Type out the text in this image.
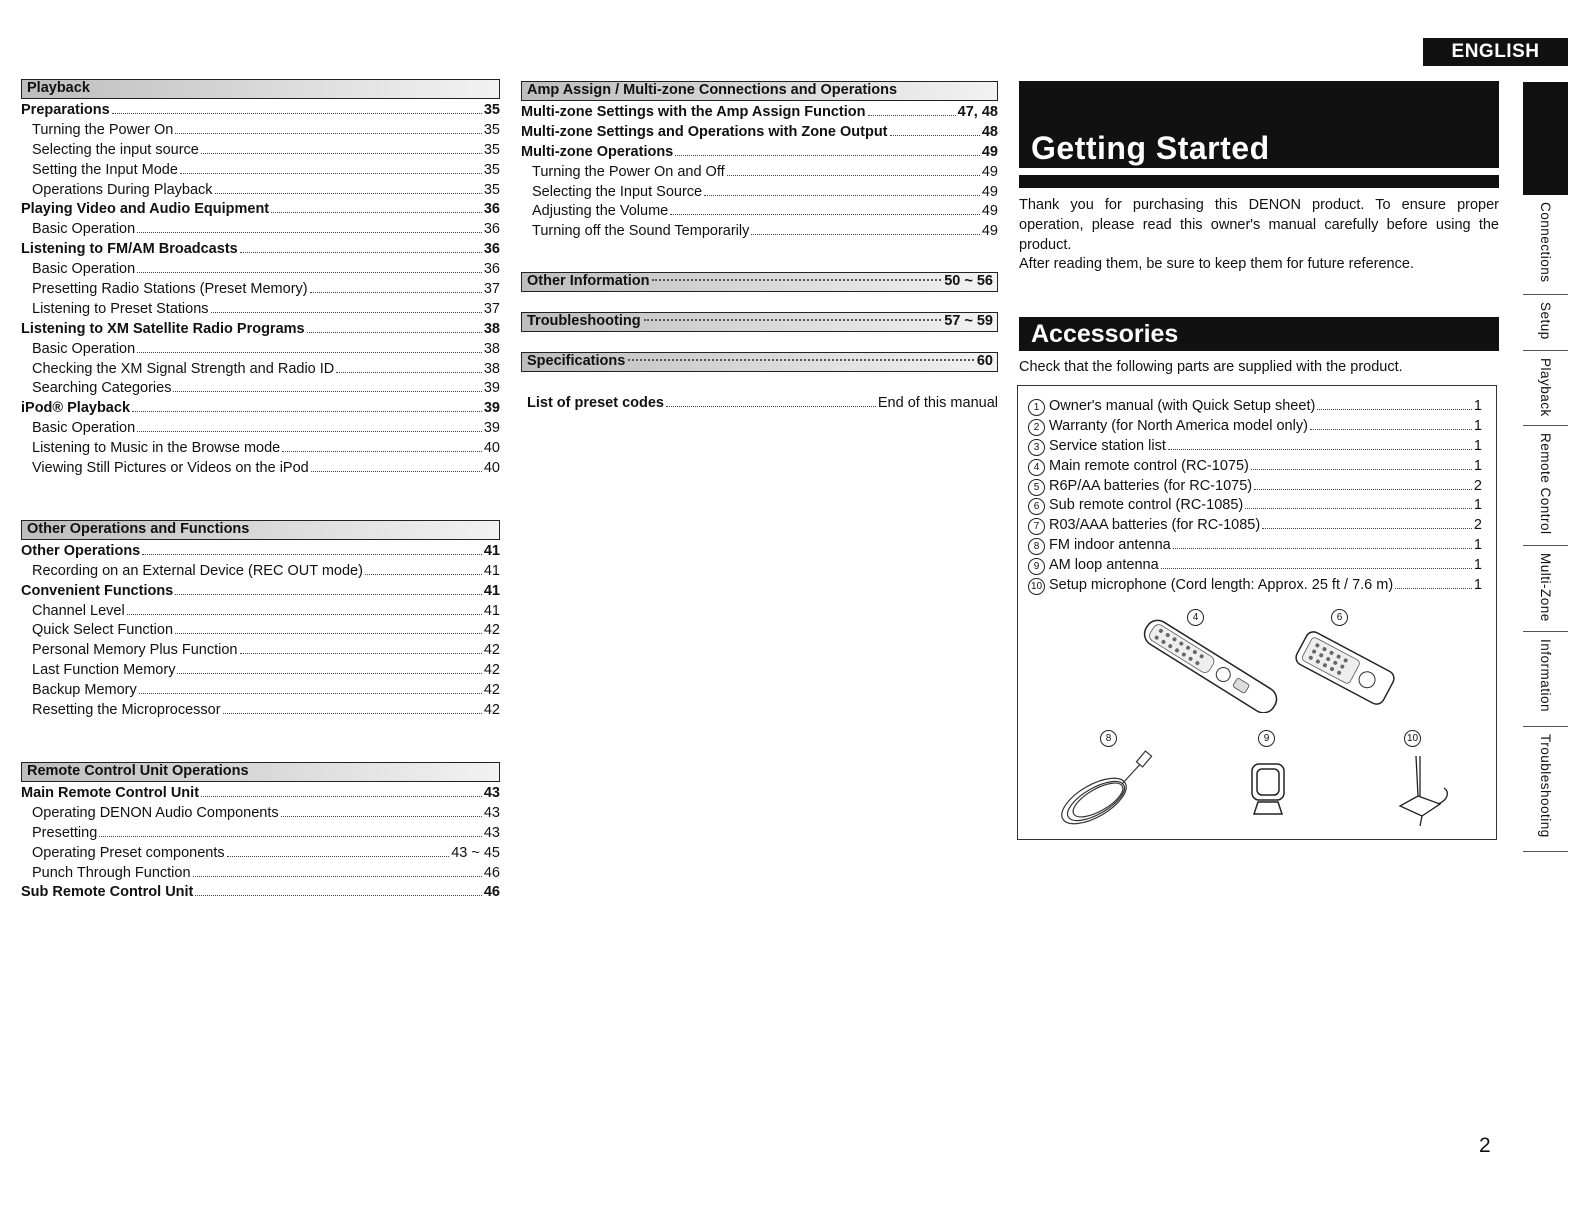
ENGLISH
Playback
Preparations	35
Turning the Power On	35
Selecting the input source	35
Setting the Input Mode	35
Operations During Playback	35
Playing Video and Audio Equipment	36
Basic Operation	36
Listening to FM/AM Broadcasts	36
Basic Operation	36
Presetting Radio Stations (Preset Memory)	37
Listening to Preset Stations	37
Listening to XM Satellite Radio Programs	38
Basic Operation	38
Checking the XM Signal Strength and Radio ID	38
Searching Categories	39
iPod® Playback	39
Basic Operation	39
Listening to Music in the Browse mode	40
Viewing Still Pictures or Videos on the iPod	40
Other Operations and Functions
Other Operations	41
Recording on an External Device (REC OUT mode)	41
Convenient Functions	41
Channel Level	41
Quick Select Function	42
Personal Memory Plus Function	42
Last Function Memory	42
Backup Memory	42
Resetting the Microprocessor	42
Remote Control Unit Operations
Main Remote Control Unit	43
Operating DENON Audio Components	43
Presetting	43
Operating Preset components	43 ~ 45
Punch Through Function	46
Sub Remote Control Unit	46
Amp Assign / Multi-zone Connections and Operations
Multi-zone Settings with the Amp Assign Function	47, 48
Multi-zone Settings and Operations with Zone Output	48
Multi-zone Operations	49
Turning the Power On and Off	49
Selecting the Input Source	49
Adjusting the Volume	49
Turning off the Sound Temporarily	49
Other Information	50 ~ 56
Troubleshooting	57 ~ 59
Specifications	60
List of preset codes	End of this manual
Getting Started
Thank you for purchasing this DENON product. To ensure proper operation, please read this owner's manual carefully before using the product.
After reading them, be sure to keep them for future reference.
Accessories
Check that the following parts are supplied with the product.
1 Owner's manual (with Quick Setup sheet)	1
2 Warranty (for North America model only)	1
3 Service station list	1
4 Main remote control (RC-1075)	1
5 R6P/AA batteries (for RC-1075)	2
6 Sub remote control (RC-1085)	1
7 R03/AAA batteries (for RC-1085)	2
8 FM indoor antenna	1
9 AM loop antenna	1
10 Setup microphone (Cord length: Approx. 25 ft / 7.6 m)	1
4	6
8	9	10
Connections
Setup
Playback
Remote Control
Multi-Zone
Information
Troubleshooting
2
